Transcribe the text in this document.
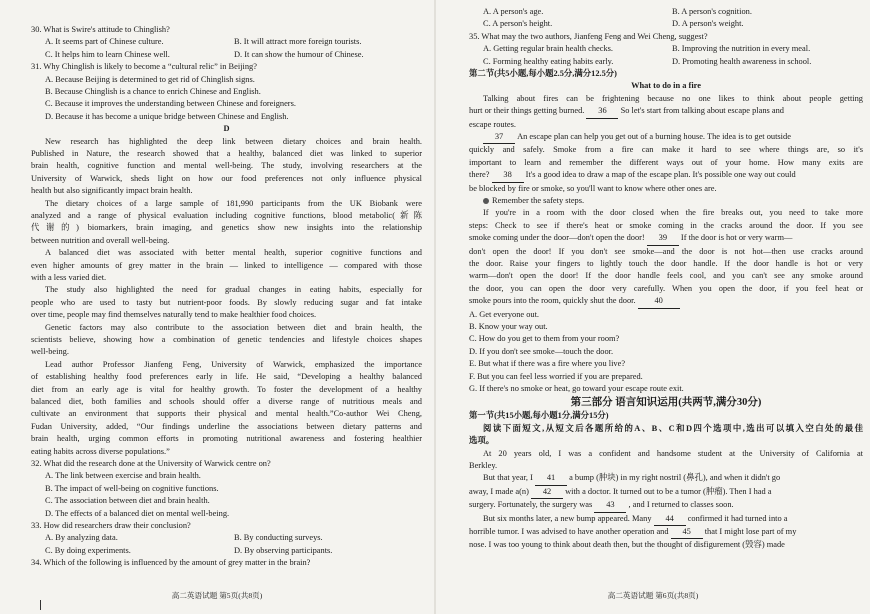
30. What is Swire's attitude to Chinglish?
A. It seems part of Chinese culture.	B. It will attract more foreign tourists.
C. It helps him to learn Chinese well.	D. It can show the humour of Chinese.
31. Why Chinglish is likely to become a “cultural relic” in Beijing?
A. Because Beijing is determined to get rid of Chinglish signs.
B. Because Chinglish is a chance to enrich Chinese and English.
C. Because it improves the understanding between Chinese and foreigners.
D. Because it has become a unique bridge between Chinese and English.
D
New research has highlighted the deep link between dietary choices and brain health.
Published in Nature, the research showed that a healthy, balanced diet was linked to superior
brain health, cognitive function and mental well-being. The study, involving researchers at the
University of Warwick, sheds light on how our food preferences not only influence physical
health but also significantly impact brain health.
The dietary choices of a large sample of 181,990 participants from the UK Biobank were
analyzed and a range of physical evaluation including cognitive functions, blood metabolic(新陈
代谢的) biomarkers, brain imaging, and genetics show new insights into the relationship
between nutrition and overall well-being.
A balanced diet was associated with better mental health, superior cognitive functions and
even higher amounts of grey matter in the brain — linked to intelligence — compared with those
with a less varied diet.
The study also highlighted the need for gradual changes in eating habits, especially for
people who are used to tasty but nutrient-poor foods. By slowly reducing sugar and fat intake
over time, people may find themselves naturally tend to make healthier food choices.
Genetic factors may also contribute to the association between diet and brain health, the
scientists believe, showing how a combination of genetic tendencies and lifestyle choices shapes
well-being.
Lead author Professor Jianfeng Feng, University of Warwick, emphasized the importance
of establishing healthy food preferences early in life. He said, “Developing a healthy balanced
diet from an early age is vital for healthy growth. To foster the development of a healthy
balanced diet, both families and schools should offer a diverse range of nutritious meals and
cultivate an environment that supports their physical and mental health.”Co-author Wei Cheng,
Fudan University, added, “Our findings underline the associations between dietary patterns and
brain health, urging common efforts in promoting nutritional awareness and fostering healthier
eating habits across diverse populations.”
32. What did the research done at the University of Warwick centre on?
A. The link between exercise and brain health.
B. The impact of well-being on cognitive functions.
C. The association between diet and brain health.
D. The effects of a balanced diet on mental well-being.
33. How did researchers draw their conclusion?
A. By analyzing data.	B. By conducting surveys.
C. By doing experiments.	D. By observing participants.
34. Which of the following is influenced by the amount of grey matter in the brain?
高二英语试题 第5页(共8页)
A. A person's age.	B. A person's cognition.
C. A person's height.	D. A person's weight.
35. What may the two authors, Jianfeng Feng and Wei Cheng, suggest?
A. Getting regular brain health checks.	B. Improving the nutrition in every meal.
C. Forming healthy eating habits early.	D. Promoting health awareness in school.
第二节(共5小题,每小题2.5分,满分12.5分)
What to do in a fire
Talking about fires can be frightening because no one likes to think about people getting
hurt or their things getting burned. 36 So let's start from talking about escape plans and
escape routes.
37 An escape plan can help you get out of a burning house. The idea is to get outside
quickly and safely. Smoke from a fire can make it hard to see where things are, so it's
important to learn and remember the different ways out of your home. How many exits are
there? 38 It's a good idea to draw a map of the escape plan. It's possible one way out could
be blocked by fire or smoke, so you'll want to know where other ones are.
Remember the safety steps.
If you're in a room with the door closed when the fire breaks out, you need to take more
steps: Check to see if there's heat or smoke coming in the cracks around the door. If you see
smoke coming under the door—don't open the door! 39 If the door is hot or very warm—
don't open the door! If you don't see smoke—and the door is not hot—then use cracks around
the door. Raise your fingers to lightly touch the door handle. If the door handle is hot or very
warm—don't open the door! If the door handle feels cool, and you can't see any smoke around
the door, you can open the door very carefully. When you open the door, if you feel heat or
smoke pours into the room, quickly shut the door. 40
A. Get everyone out.
B. Know your way out.
C. How do you get to them from your room?
D. If you don't see smoke—touch the door.
E. But what if there was a fire where you live?
F. But you can feel less worried if you are prepared.
G. If there's no smoke or heat, go toward your escape route exit.
第三部分 语言知识运用(共两节,满分30分)
第一节(共15小题,每小题1分,满分15分)
阅读下面短文,从短文后各题所给的A、B、C和D四个选项中,选出可以填入空白处的最佳
选项。
At 20 years old, I was a confident and handsome student at the University of California at
Berkley.
But that year, I 41 a bump (肿块) in my right nostril (鼻孔), and when it didn't go
away, I made a(n) 42 with a doctor. It turned out to be a tumor (肿瘤). Then I had a
surgery. Fortunately, the surgery was 43 , and I returned to classes soon.
But six months later, a new bump appeared. Many 44 confirmed it had turned into a
horrible tumor. I was advised to have another operation and 45 that I might lose part of my
nose. I was too young to think about death then, but the thought of disfigurement (毁容) made
高二英语试题 第6页(共8页)
